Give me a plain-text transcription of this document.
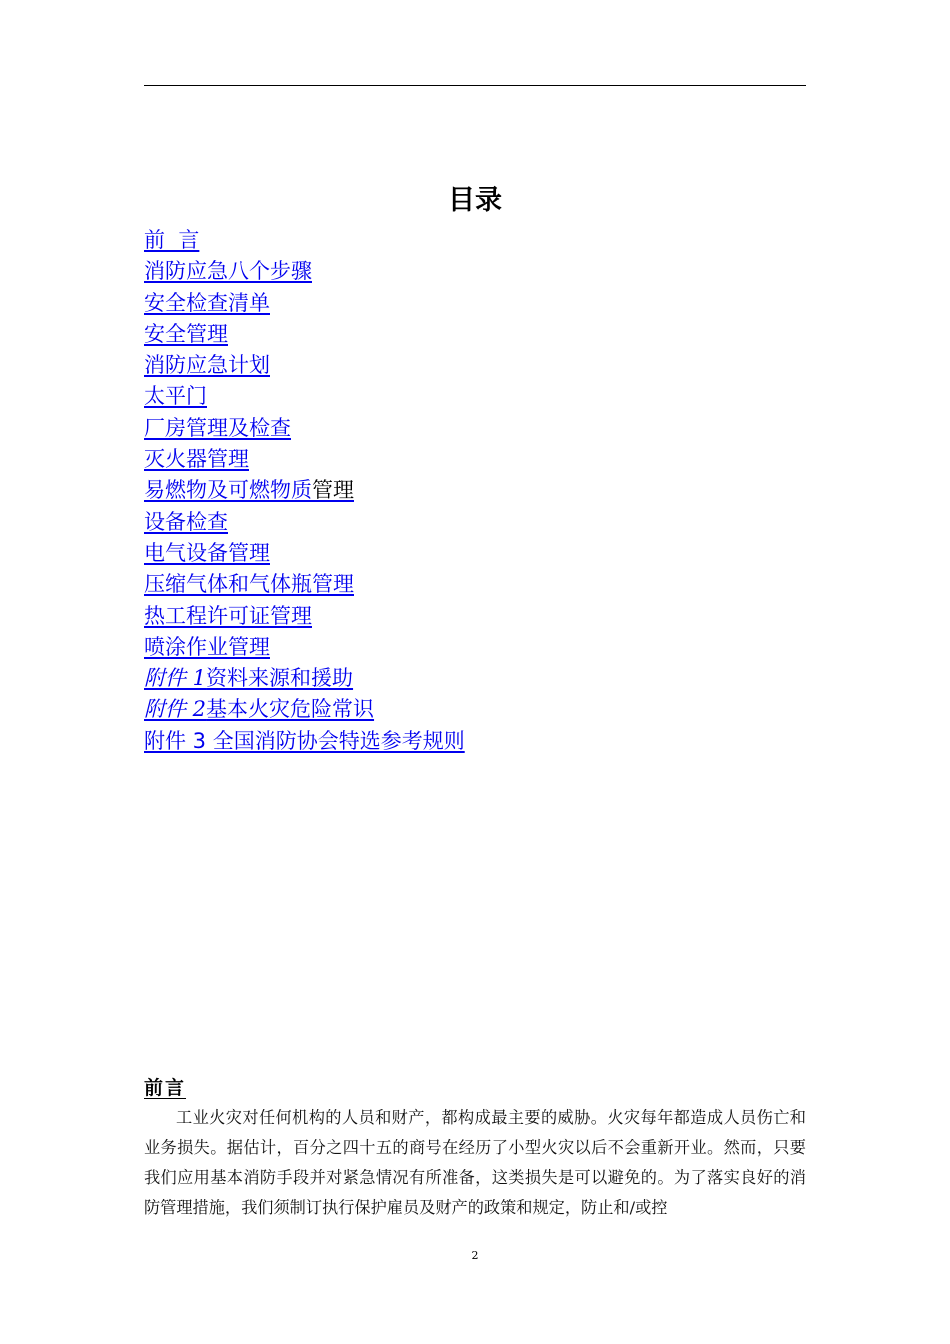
目录
前  言
消防应急八个步骤
安全检查清单
安全管理
消防应急计划
太平门
厂房管理及检查
灭火器管理
易燃物及可燃物质管理
设备检查
电气设备管理
压缩气体和气体瓶管理
热工程许可证管理
喷涂作业管理
附件 1资料来源和援助
附件 2基本火灾危险常识
附件 3 全国消防协会特选参考规则
前言

工业火灾对任何机构的人员和财产，都构成最主要的威胁。火灾每年都造成人员伤亡和业务损失。据估计，百分之四十五的商号在经历了小型火灾以后不会重新开业。然而，只要我们应用基本消防手段并对紧急情况有所准备，这类损失是可以避免的。为了落实良好的消防管理措施，我们须制订执行保护雇员及财产的政策和规定，防止和/或控

2
